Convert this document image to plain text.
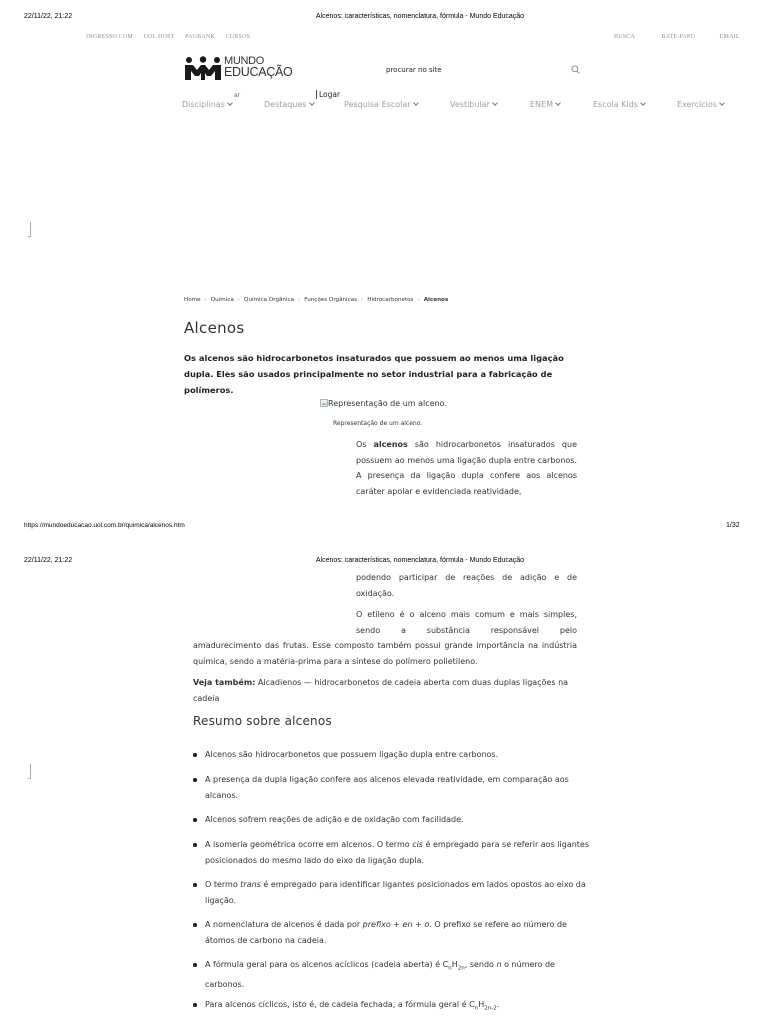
22/11/22, 21:22	Alcenos: características, nomenclatura, fórmula - Mundo Educação
INGRESSO.COM UOL HOST PAGBANK CURSOS	BUSCA	BATE-PAPO	EMAIL
MUNDO
EDUCAÇÃO	procurar no site
ar	Logar
Disciplinas	Destaques	Pesquisa Escolar	Vestibular	ENEM	Escola Kids	Exercícios
Home › Química › Química Orgânica › Funções Orgânicas › Hidrocarbonetos › Alcenos
Alcenos
Os alcenos são hidrocarbonetos insaturados que possuem ao menos uma ligação dupla. Eles são usados principalmente no setor industrial para a fabricação de polímeros.
Representação de um alceno.
Representação de um alceno.
Os alcenos são hidrocarbonetos insaturados que possuem ao menos uma ligação dupla entre carbonos. A presença da ligação dupla confere aos alcenos caráter apolar e evidenciada reatividade,
https://mundoeducacao.uol.com.br/quimica/alcenos.htm	1/32
22/11/22, 21:22	Alcenos: características, nomenclatura, fórmula - Mundo Educação
podendo participar de reações de adição e de oxidação.
O etileno é o alceno mais comum e mais simples, sendo a substância responsável pelo
amadurecimento das frutas. Esse composto também possui grande importância na indústria química, sendo a matéria-prima para a síntese do polímero polietileno.
Veja também: Alcadienos — hidrocarbonetos de cadeia aberta com duas duplas ligações na cadeia
Resumo sobre alcenos
Alcenos são hidrocarbonetos que possuem ligação dupla entre carbonos.
A presença da dupla ligação confere aos alcenos elevada reatividade, em comparação aos alcanos.
Alcenos sofrem reações de adição e de oxidação com facilidade.
A isomeria geométrica ocorre em alcenos. O termo cis é empregado para se referir aos ligantes posicionados do mesmo lado do eixo da ligação dupla.
O termo trans é empregado para identificar ligantes posicionados em lados opostos ao eixo da ligação.
A nomenclatura de alcenos é dada por prefixo + en + o. O prefixo se refere ao número de átomos de carbono na cadeia.
A fórmula geral para os alcenos acíclicos (cadeia aberta) é $C_nH_{2n}$, sendo n o número de carbonos.
Para alcenos cíclicos, isto é, de cadeia fechada, a fórmula geral é $C_nH_{2n-2}$.
